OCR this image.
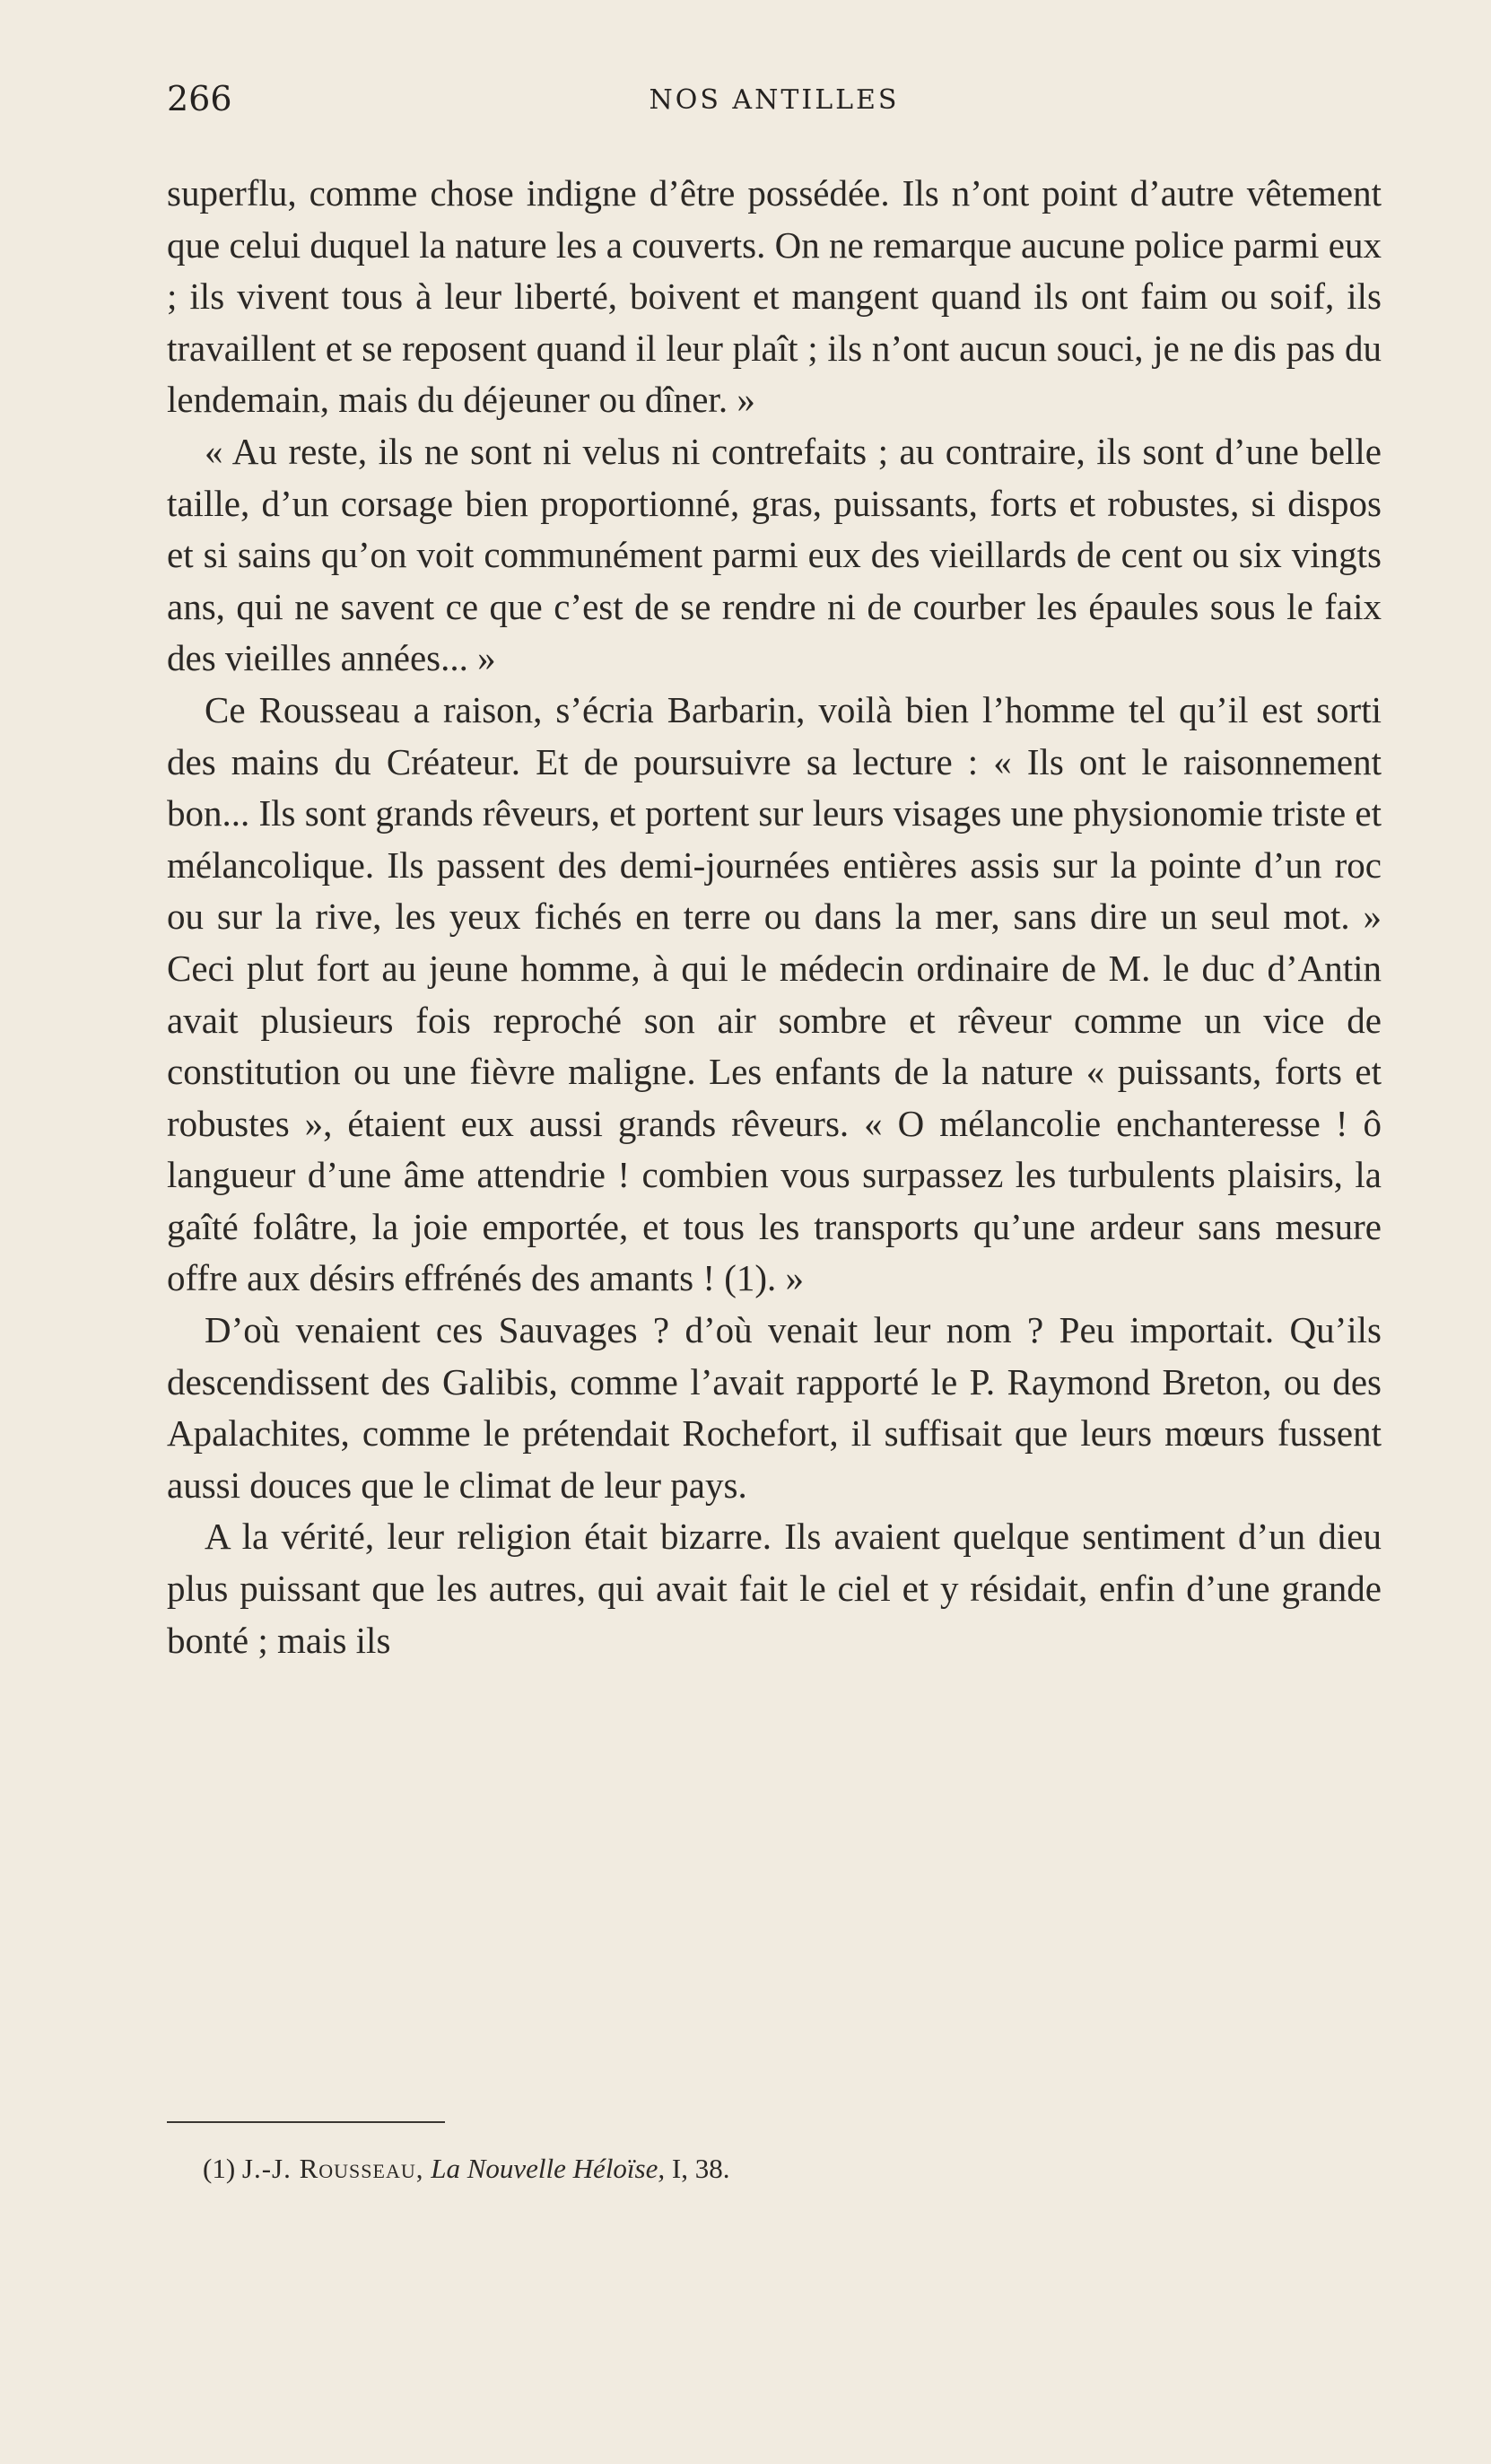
266	NOS ANTILLES

superflu, comme chose indigne d’être possédée. Ils n’ont point d’autre vêtement que celui duquel la nature les a couverts. On ne remarque aucune police parmi eux ; ils vivent tous à leur liberté, boivent et mangent quand ils ont faim ou soif, ils travaillent et se reposent quand il leur plaît ; ils n’ont aucun souci, je ne dis pas du lendemain, mais du déjeuner ou dîner. »

« Au reste, ils ne sont ni velus ni contrefaits ; au contraire, ils sont d’une belle taille, d’un corsage bien proportionné, gras, puissants, forts et robustes, si dispos et si sains qu’on voit communément parmi eux des vieillards de cent ou six vingts ans, qui ne savent ce que c’est de se rendre ni de courber les épaules sous le faix des vieilles années... »

Ce Rousseau a raison, s’écria Barbarin, voilà bien l’homme tel qu’il est sorti des mains du Créateur. Et de poursuivre sa lecture : « Ils ont le raisonnement bon... Ils sont grands rêveurs, et portent sur leurs visages une physionomie triste et mélancolique. Ils passent des demi-journées entières assis sur la pointe d’un roc ou sur la rive, les yeux fichés en terre ou dans la mer, sans dire un seul mot. » Ceci plut fort au jeune homme, à qui le médecin ordinaire de M. le duc d’Antin avait plusieurs fois reproché son air sombre et rêveur comme un vice de constitution ou une fièvre maligne. Les enfants de la nature « puissants, forts et robustes », étaient eux aussi grands rêveurs. « O mélancolie enchanteresse ! ô langueur d’une âme attendrie ! combien vous surpassez les turbulents plaisirs, la gaîté folâtre, la joie emportée, et tous les transports qu’une ardeur sans mesure offre aux désirs effrénés des amants ! (1). »

D’où venaient ces Sauvages ? d’où venait leur nom ? Peu importait. Qu’ils descendissent des Galibis, comme l’avait rapporté le P. Raymond Breton, ou des Apalachites, comme le prétendait Rochefort, il suffisait que leurs mœurs fussent aussi douces que le climat de leur pays.

A la vérité, leur religion était bizarre. Ils avaient quelque sentiment d’un dieu plus puissant que les autres, qui avait fait le ciel et y résidait, enfin d’une grande bonté ; mais ils

(1) J.-J. Rousseau, La Nouvelle Héloïse, I, 38.
